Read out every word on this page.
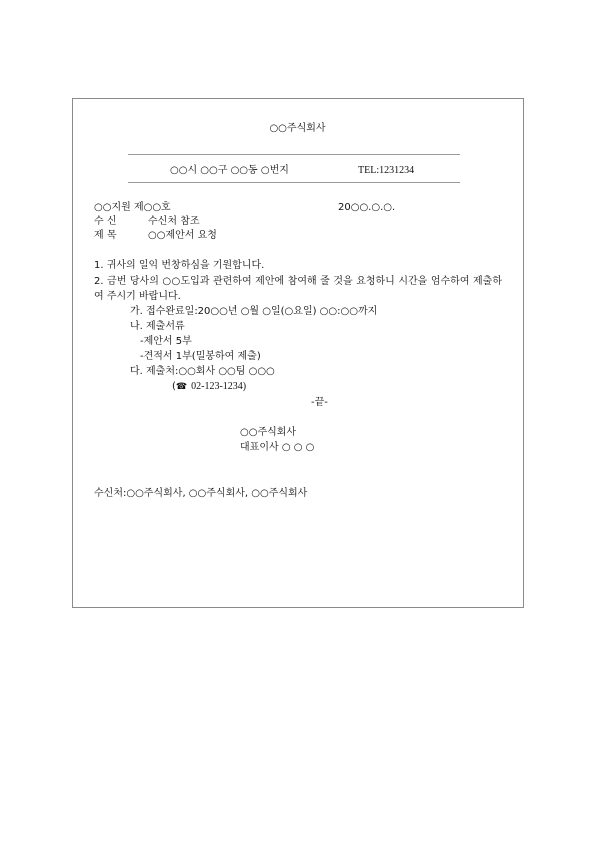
○○주식회사
○○시 ○○구 ○○동 ○번지	TEL:1231234
○○지원 제○○호	20○○.○.○.
수 신	수신처 참조
제 목	○○제안서 요청
1. 귀사의 일익 번창하심을 기원합니다.
2. 금번 당사의 ○○도입과 관련하여 제안에 참여해 줄 것을 요청하니 시간을 엄수하여 제출하여 주시기 바랍니다.
가. 접수완료일:20○○년 ○월 ○일(○요일) ○○:○○까지
나. 제출서류
-제안서 5부
-견적서 1부(밀봉하여 제출)
다. 제출처:○○회사 ○○팀 ○○○
(☎ 02-123-1234)
-끝-
○○주식회사
대표이사 ○ ○ ○
수신처:○○주식회사, ○○주식회사, ○○주식회사
